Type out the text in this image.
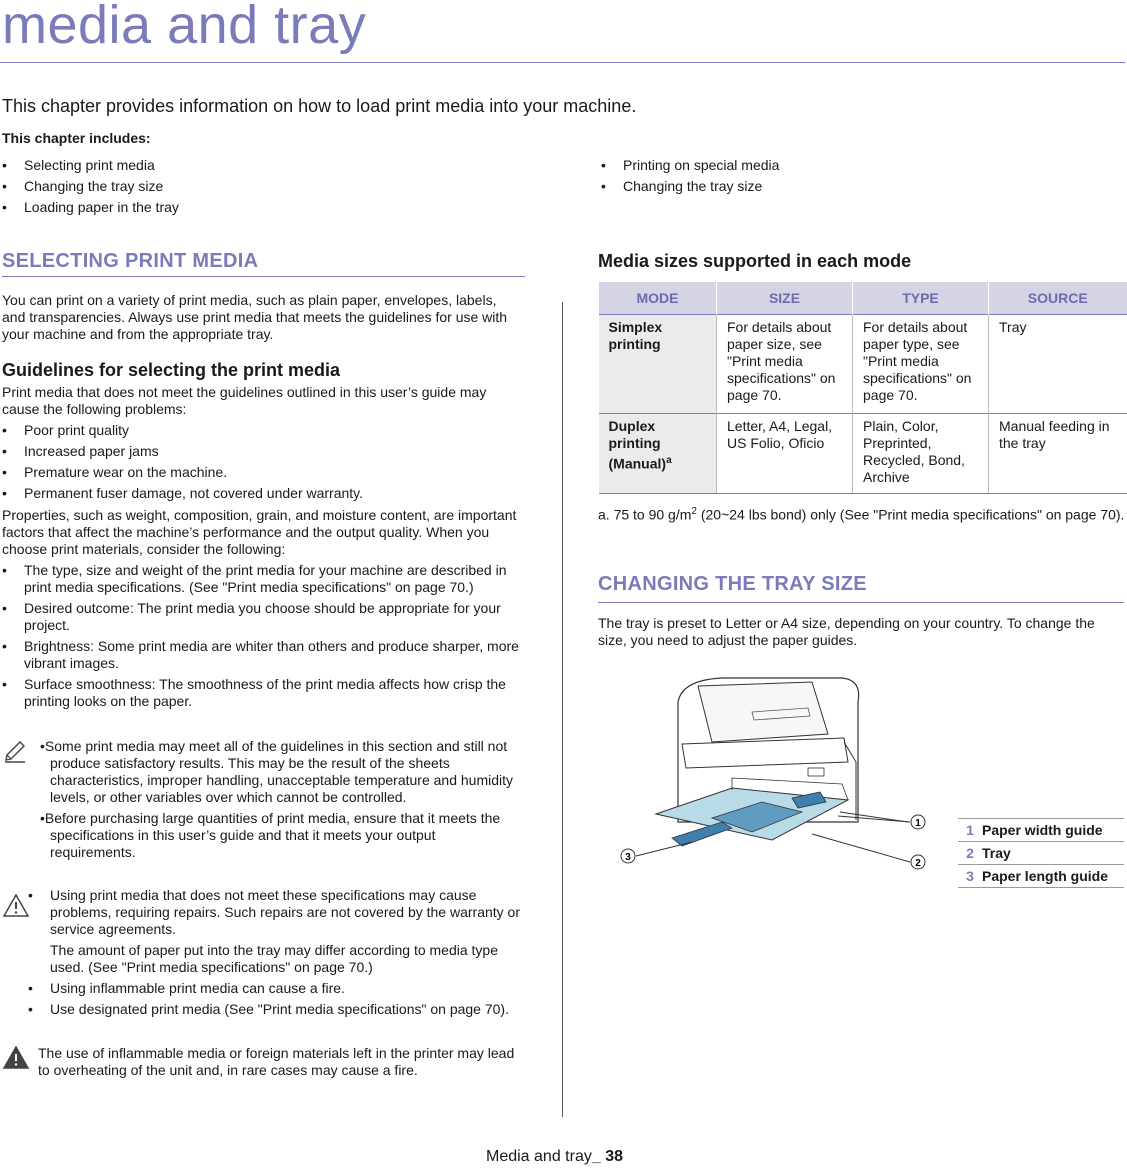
media and tray

This chapter provides information on how to load print media into your machine.

This chapter includes:

• Selecting print media
• Changing the tray size
• Loading paper in the tray
• Printing on special media
• Changing the tray size
SELECTING PRINT MEDIA

You can print on a variety of print media, such as plain paper, envelopes, labels, and transparencies. Always use print media that meets the guidelines for use with your machine and from the appropriate tray.

Guidelines for selecting the print media

Print media that does not meet the guidelines outlined in this user’s guide may cause the following problems:

• Poor print quality
• Increased paper jams
• Premature wear on the machine.
• Permanent fuser damage, not covered under warranty.

Properties, such as weight, composition, grain, and moisture content, are important factors that affect the machine’s performance and the output quality. When you choose print materials, consider the following:

• The type, size and weight of the print media for your machine are described in print media specifications. (See "Print media specifications" on page 70.)
• Desired outcome: The print media you choose should be appropriate for your project.
• Brightness: Some print media are whiter than others and produce sharper, more vibrant images.
• Surface smoothness: The smoothness of the print media affects how crisp the printing looks on the paper.

•Some print media may meet all of the guidelines in this section and still not produce satisfactory results. This may be the result of the sheets characteristics, improper handling, unacceptable temperature and humidity levels, or other variables over which cannot be controlled.

•Before purchasing large quantities of print media, ensure that it meets the specifications in this user’s guide and that it meets your output requirements.

• Using print media that does not meet these specifications may cause problems, requiring repairs. Such repairs are not covered by the warranty or service agreements.
The amount of paper put into the tray may differ according to media type used. (See "Print media specifications" on page 70.)
• Using inflammable print media can cause a fire.
• Use designated print media (See "Print media specifications" on page 70).

The use of inflammable media or foreign materials left in the printer may lead to overheating of the unit and, in rare cases may cause a fire.

Media sizes supported in each mode
MODE	SIZE	TYPE	SOURCE
Simplex printing	For details about paper size, see "Print media specifications" on page 70.	For details about paper type, see "Print media specifications" on page 70.	Tray
Duplex printing
(Manual)$^a$	Letter, A4, Legal, US Folio, Oficio	Plain, Color, Preprinted, Recycled, Bond, Archive	Manual feeding in the tray

a. 75 to 90 $g/m^2$ (20~24 lbs bond) only (See "Print media specifications" on page 70).

CHANGING THE TRAY SIZE

The tray is preset to Letter or A4 size, depending on your country. To change the size, you need to adjust the paper guides.

1
2
3
1 Paper width guide
2 Tray
3 Paper length guide
Media and tray_ 38
